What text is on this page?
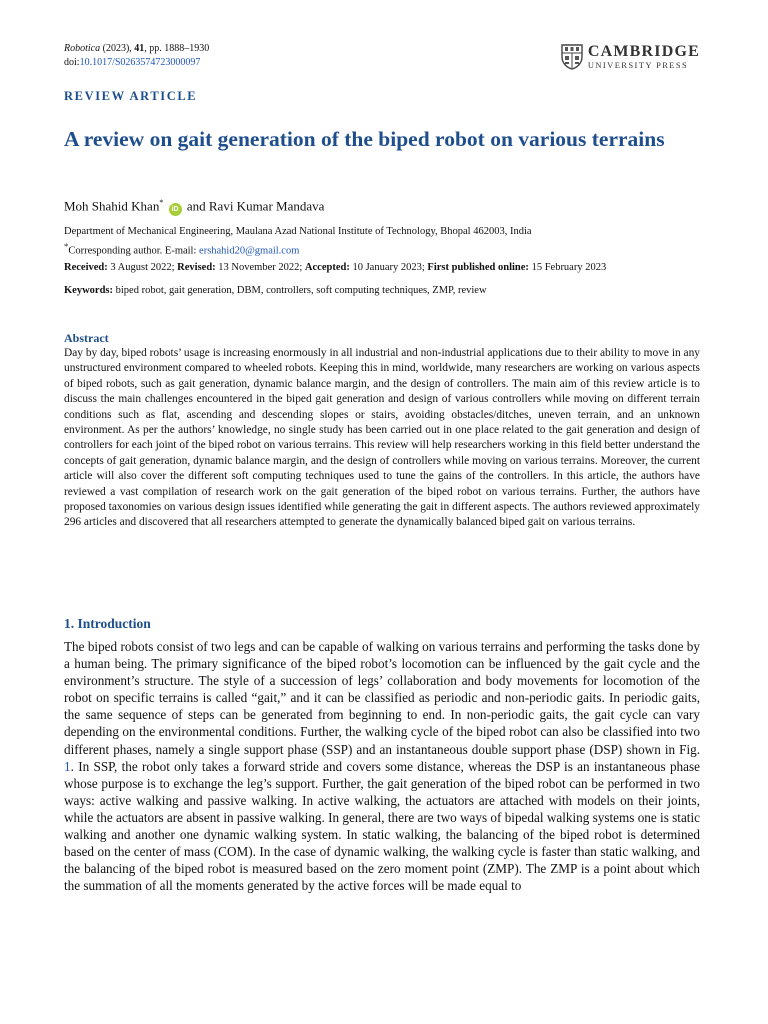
Robotica (2023), 41, pp. 1888–1930
doi:10.1017/S0263574723000097
CAMBRIDGE
UNIVERSITY PRESS
REVIEW ARTICLE
A review on gait generation of the biped robot on various terrains
Moh Shahid Khan* iD and Ravi Kumar Mandava
Department of Mechanical Engineering, Maulana Azad National Institute of Technology, Bhopal 462003, India
*Corresponding author. E-mail: ershahid20@gmail.com
Received: 3 August 2022; Revised: 13 November 2022; Accepted: 10 January 2023; First published online: 15 February 2023
Keywords: biped robot, gait generation, DBM, controllers, soft computing techniques, ZMP, review
Abstract

Day by day, biped robots’ usage is increasing enormously in all industrial and non-industrial applications due to their ability to move in any unstructured environment compared to wheeled robots. Keeping this in mind, worldwide, many researchers are working on various aspects of biped robots, such as gait generation, dynamic balance margin, and the design of controllers. The main aim of this review article is to discuss the main challenges encountered in the biped gait generation and design of various controllers while moving on different terrain conditions such as flat, ascending and descending slopes or stairs, avoiding obstacles/ditches, uneven terrain, and an unknown environment. As per the authors’ knowledge, no single study has been carried out in one place related to the gait generation and design of controllers for each joint of the biped robot on various terrains. This review will help researchers working in this field better understand the concepts of gait generation, dynamic balance margin, and the design of controllers while moving on various terrains. Moreover, the current article will also cover the different soft computing techniques used to tune the gains of the controllers. In this article, the authors have reviewed a vast compilation of research work on the gait generation of the biped robot on various terrains. Further, the authors have proposed taxonomies on various design issues identified while generating the gait in different aspects. The authors reviewed approximately 296 articles and discovered that all researchers attempted to generate the dynamically balanced biped gait on various terrains.

1. Introduction

The biped robots consist of two legs and can be capable of walking on various terrains and performing the tasks done by a human being. The primary significance of the biped robot’s locomotion can be influenced by the gait cycle and the environment’s structure. The style of a succession of legs’ collaboration and body movements for locomotion of the robot on specific terrains is called “gait,” and it can be classified as periodic and non-periodic gaits. In periodic gaits, the same sequence of steps can be generated from beginning to end. In non-periodic gaits, the gait cycle can vary depending on the environmental conditions. Further, the walking cycle of the biped robot can also be classified into two different phases, namely a single support phase (SSP) and an instantaneous double support phase (DSP) shown in Fig. 1. In SSP, the robot only takes a forward stride and covers some distance, whereas the DSP is an instantaneous phase whose purpose is to exchange the leg’s support. Further, the gait generation of the biped robot can be performed in two ways: active walking and passive walking. In active walking, the actuators are attached with models on their joints, while the actuators are absent in passive walking. In general, there are two ways of bipedal walking systems one is static walking and another one dynamic walking system. In static walking, the balancing of the biped robot is determined based on the center of mass (COM). In the case of dynamic walking, the walking cycle is faster than static walking, and the balancing of the biped robot is measured based on the zero moment point (ZMP). The ZMP is a point about which the summation of all the moments generated by the active forces will be made equal to
